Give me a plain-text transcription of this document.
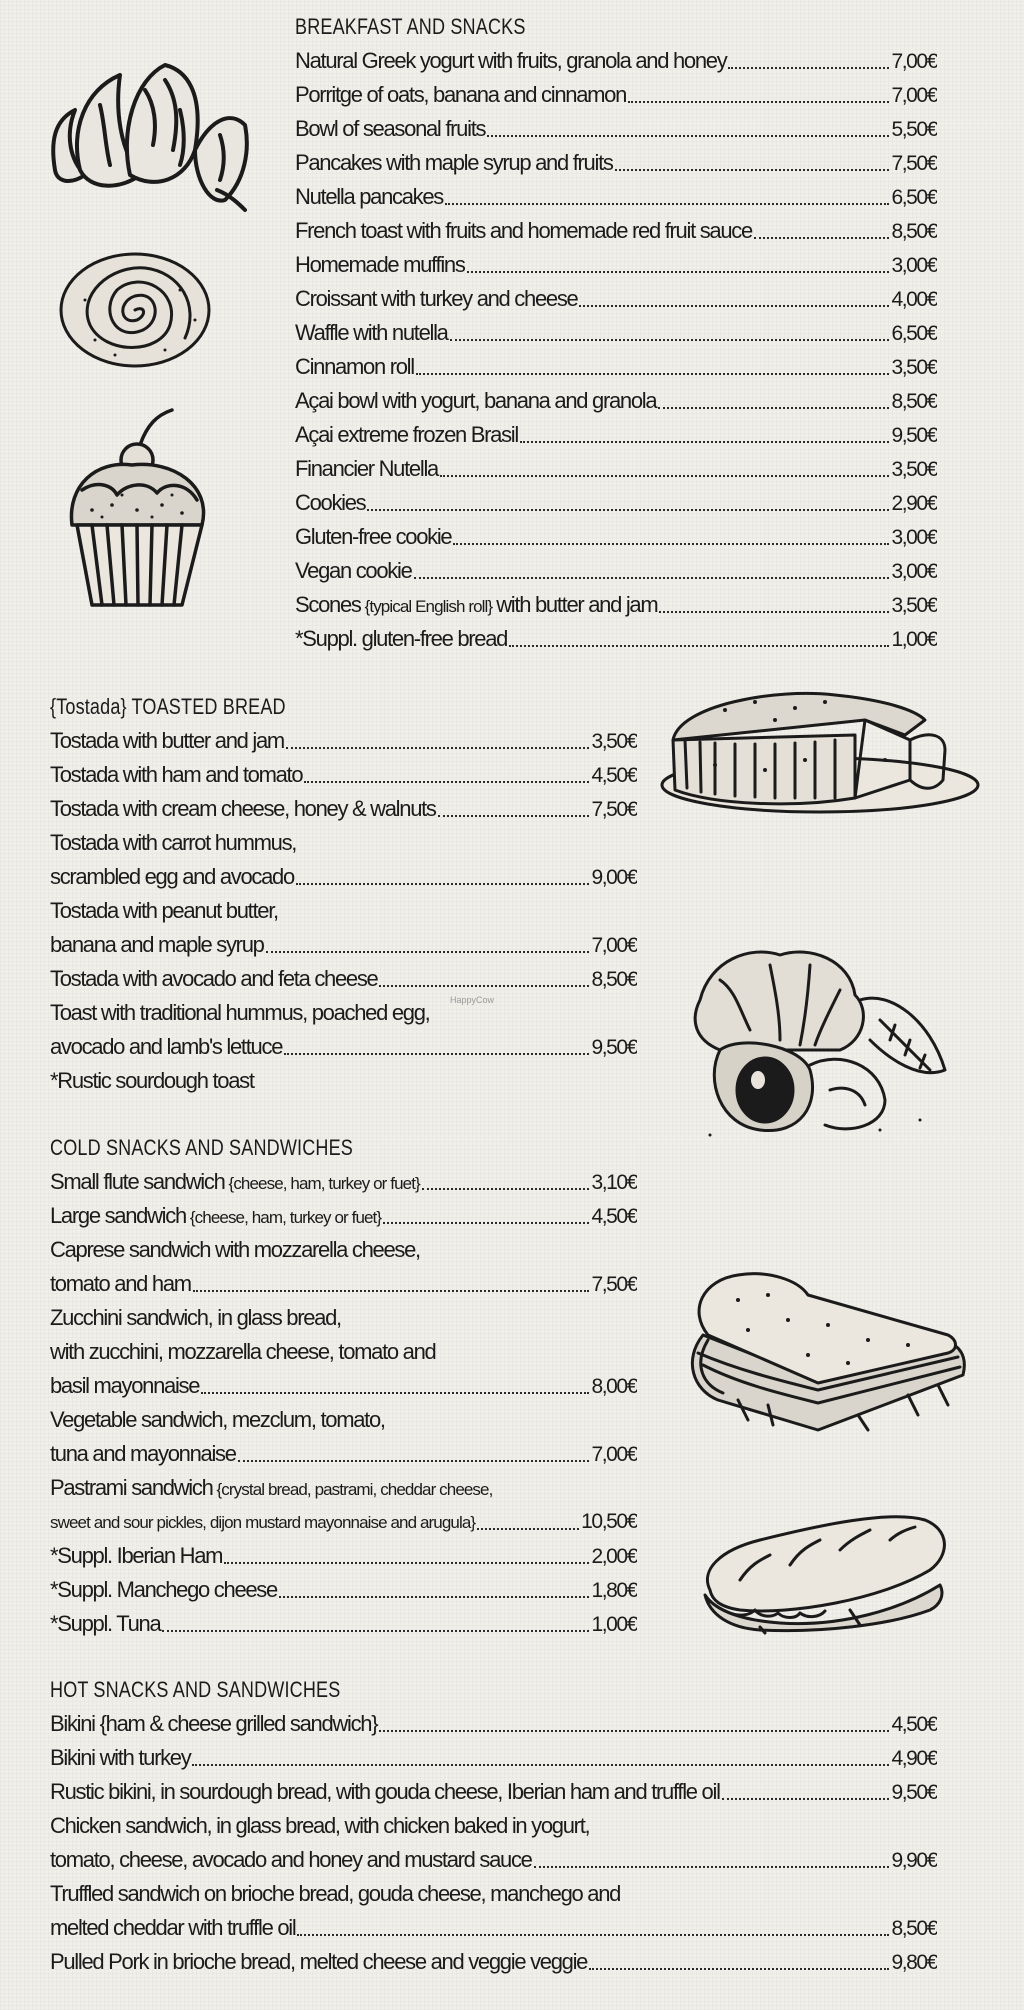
BREAKFAST AND SNACKS
Natural Greek yogurt with fruits, granola and honey	7,00€
Porritge of oats, banana and cinnamon	7,00€
Bowl of seasonal fruits	5,50€
Pancakes with maple syrup and fruits	7,50€
Nutella pancakes	6,50€
French toast with fruits and homemade red fruit sauce	8,50€
Homemade muffins	3,00€
Croissant with turkey and cheese	4,00€
Waffle with nutella	6,50€
Cinnamon roll	3,50€
Açai bowl with yogurt, banana and granola	8,50€
Açai extreme frozen Brasil	9,50€
Financier Nutella	3,50€
Cookies	2,90€
Gluten-free cookie	3,00€
Vegan cookie	3,00€
Scones {typical English roll} with butter and jam	3,50€
*Suppl. gluten-free bread	1,00€
{Tostada} TOASTED BREAD
Tostada with butter and jam	3,50€
Tostada with ham and tomato	4,50€
Tostada with cream cheese, honey & walnuts	7,50€
Tostada with carrot hummus,
scrambled egg and avocado	9,00€
Tostada with peanut butter,
banana and maple syrup	7,00€
Tostada with avocado and feta cheese	8,50€
Toast with traditional hummus, poached egg,
avocado and lamb's lettuce	9,50€
*Rustic sourdough toast
COLD SNACKS AND SANDWICHES
Small flute sandwich {cheese, ham, turkey or fuet}	3,10€
Large sandwich {cheese, ham, turkey or fuet}	4,50€
Caprese sandwich with mozzarella cheese,
tomato and ham	7,50€
Zucchini sandwich, in glass bread,
with zucchini, mozzarella cheese, tomato and
basil mayonnaise	8,00€
Vegetable sandwich, mezclum, tomato,
tuna and mayonnaise	7,00€
Pastrami sandwich {crystal bread, pastrami, cheddar cheese,
sweet and sour pickles, dijon mustard mayonnaise and arugula}	10,50€
*Suppl. Iberian Ham	2,00€
*Suppl. Manchego cheese	1,80€
*Suppl. Tuna	1,00€
HOT SNACKS AND SANDWICHES
Bikini {ham & cheese grilled sandwich}	4,50€
Bikini with turkey	4,90€
Rustic bikini, in sourdough bread, with gouda cheese, Iberian ham and truffle oil	9,50€
Chicken sandwich, in glass bread, with chicken baked in yogurt,
tomato, cheese, avocado and honey and mustard sauce	9,90€
Truffled sandwich on brioche bread, gouda cheese, manchego and
melted cheddar with truffle oil	8,50€
Pulled Pork in brioche bread, melted cheese and veggie veggie	9,80€
HappyCow
